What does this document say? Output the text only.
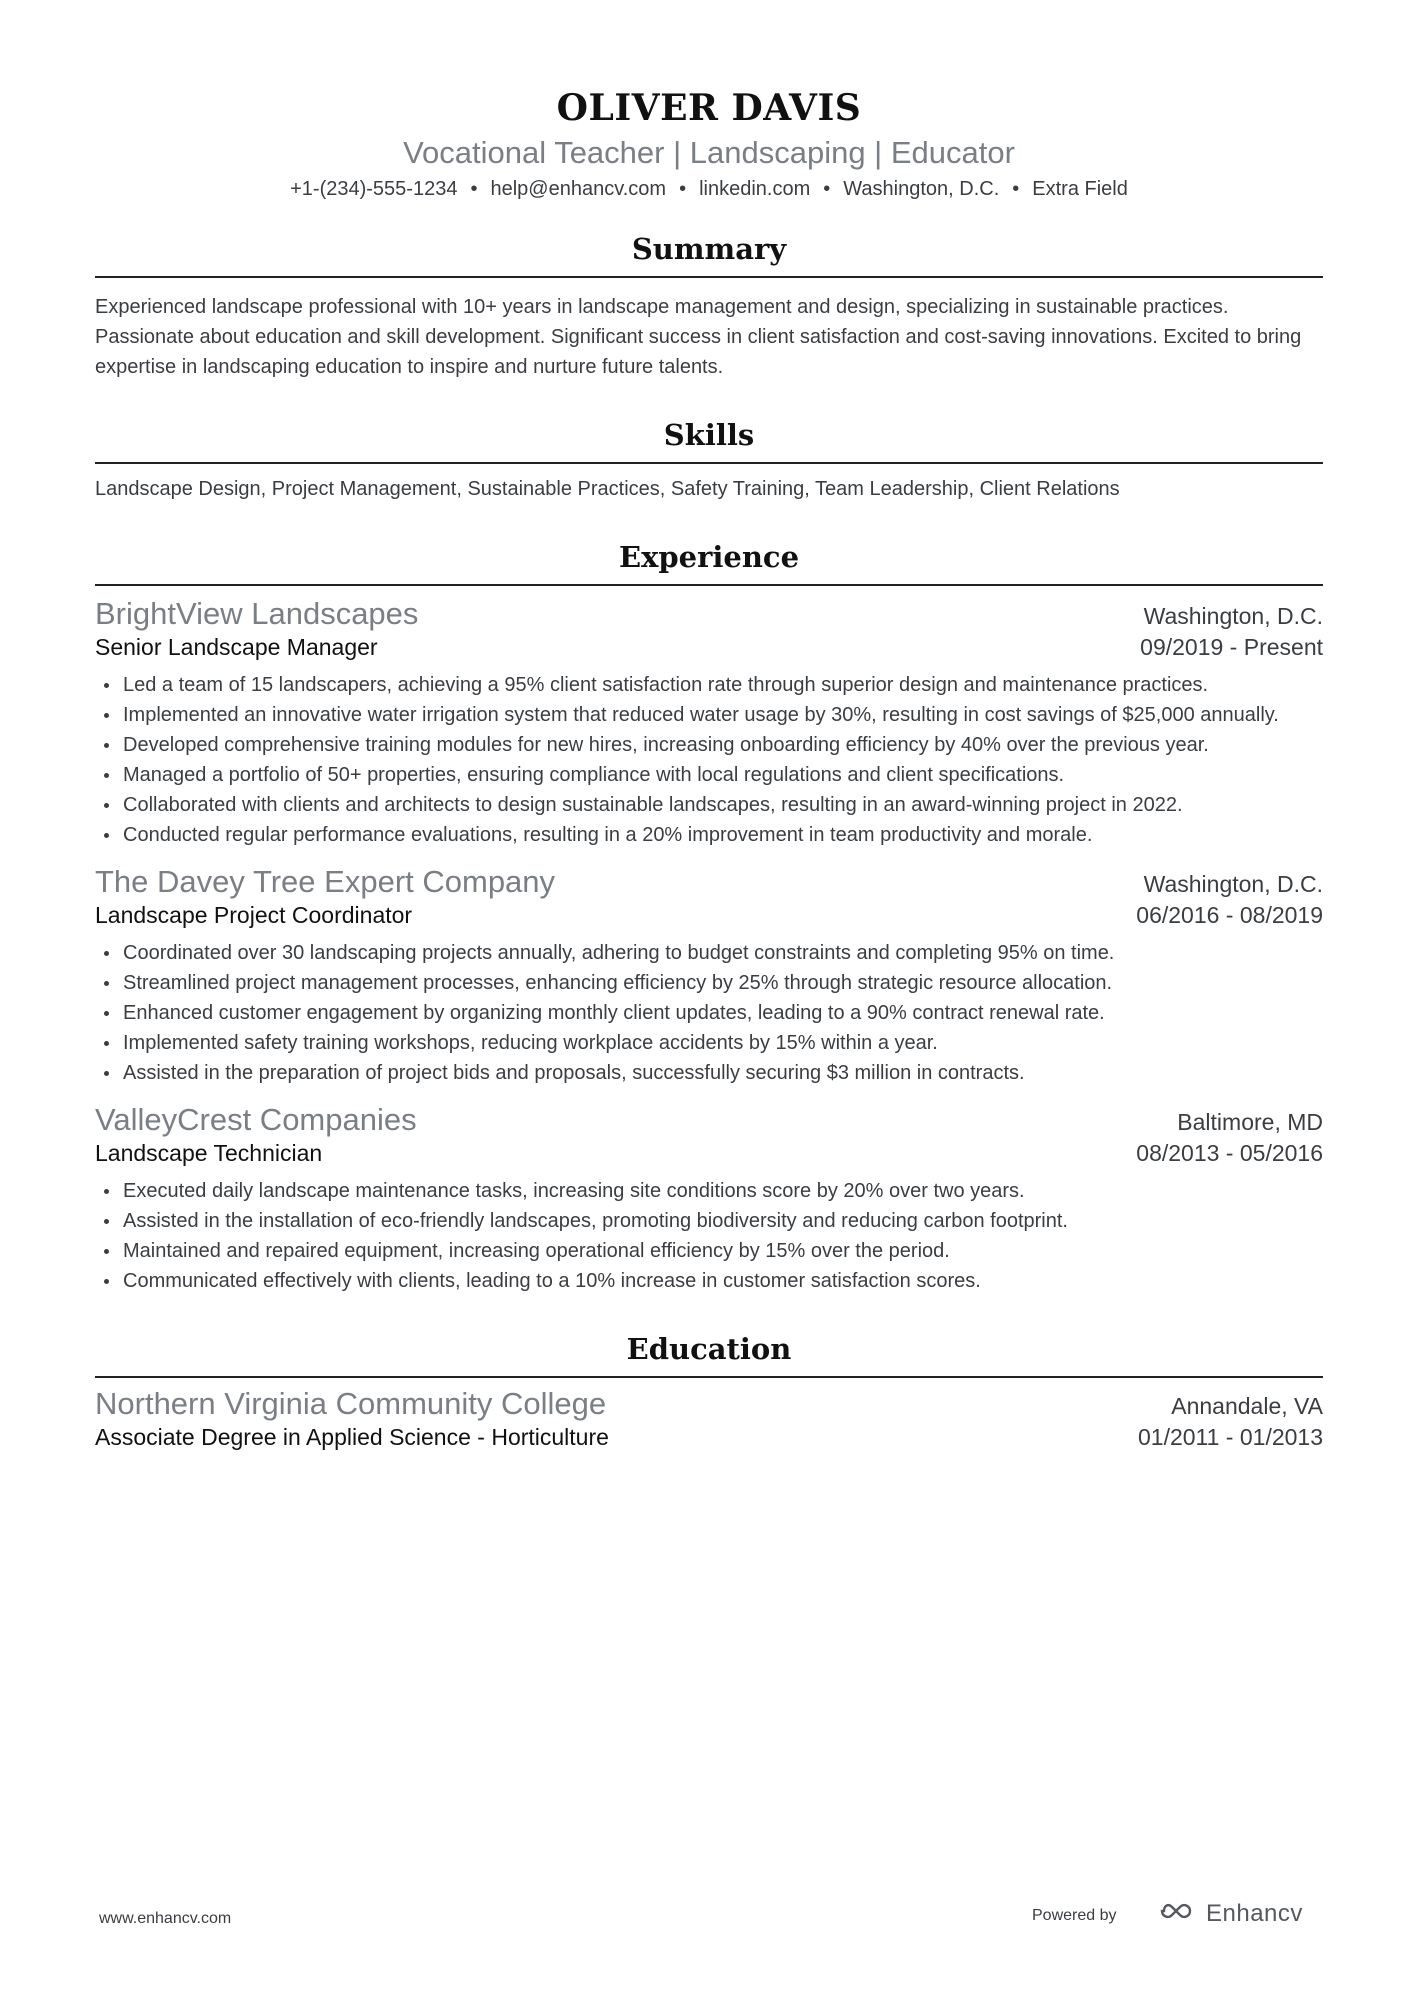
OLIVER DAVIS
Vocational Teacher | Landscaping | Educator
+1-(234)-555-1234 • help@enhancv.com • linkedin.com • Washington, D.C. • Extra Field
Summary

Experienced landscape professional with 10+ years in landscape management and design, specializing in sustainable practices. Passionate about education and skill development. Significant success in client satisfaction and cost-saving innovations. Excited to bring expertise in landscaping education to inspire and nurture future talents.

Skills

Landscape Design, Project Management, Sustainable Practices, Safety Training, Team Leadership, Client Relations

Experience
BrightView Landscapes	Washington, D.C.
Senior Landscape Manager	09/2019 - Present
Led a team of 15 landscapers, achieving a 95% client satisfaction rate through superior design and maintenance practices.
Implemented an innovative water irrigation system that reduced water usage by 30%, resulting in cost savings of $25,000 annually.
Developed comprehensive training modules for new hires, increasing onboarding efficiency by 40% over the previous year.
Managed a portfolio of 50+ properties, ensuring compliance with local regulations and client specifications.
Collaborated with clients and architects to design sustainable landscapes, resulting in an award-winning project in 2022.
Conducted regular performance evaluations, resulting in a 20% improvement in team productivity and morale.
The Davey Tree Expert Company	Washington, D.C.
Landscape Project Coordinator	06/2016 - 08/2019
Coordinated over 30 landscaping projects annually, adhering to budget constraints and completing 95% on time.
Streamlined project management processes, enhancing efficiency by 25% through strategic resource allocation.
Enhanced customer engagement by organizing monthly client updates, leading to a 90% contract renewal rate.
Implemented safety training workshops, reducing workplace accidents by 15% within a year.
Assisted in the preparation of project bids and proposals, successfully securing $3 million in contracts.
ValleyCrest Companies	Baltimore, MD
Landscape Technician	08/2013 - 05/2016
Executed daily landscape maintenance tasks, increasing site conditions score by 20% over two years.
Assisted in the installation of eco-friendly landscapes, promoting biodiversity and reducing carbon footprint.
Maintained and repaired equipment, increasing operational efficiency by 15% over the period.
Communicated effectively with clients, leading to a 10% increase in customer satisfaction scores.
Education
Northern Virginia Community College	Annandale, VA
Associate Degree in Applied Science - Horticulture	01/2011 - 01/2013
www.enhancv.com	Powered by	Enhancv
